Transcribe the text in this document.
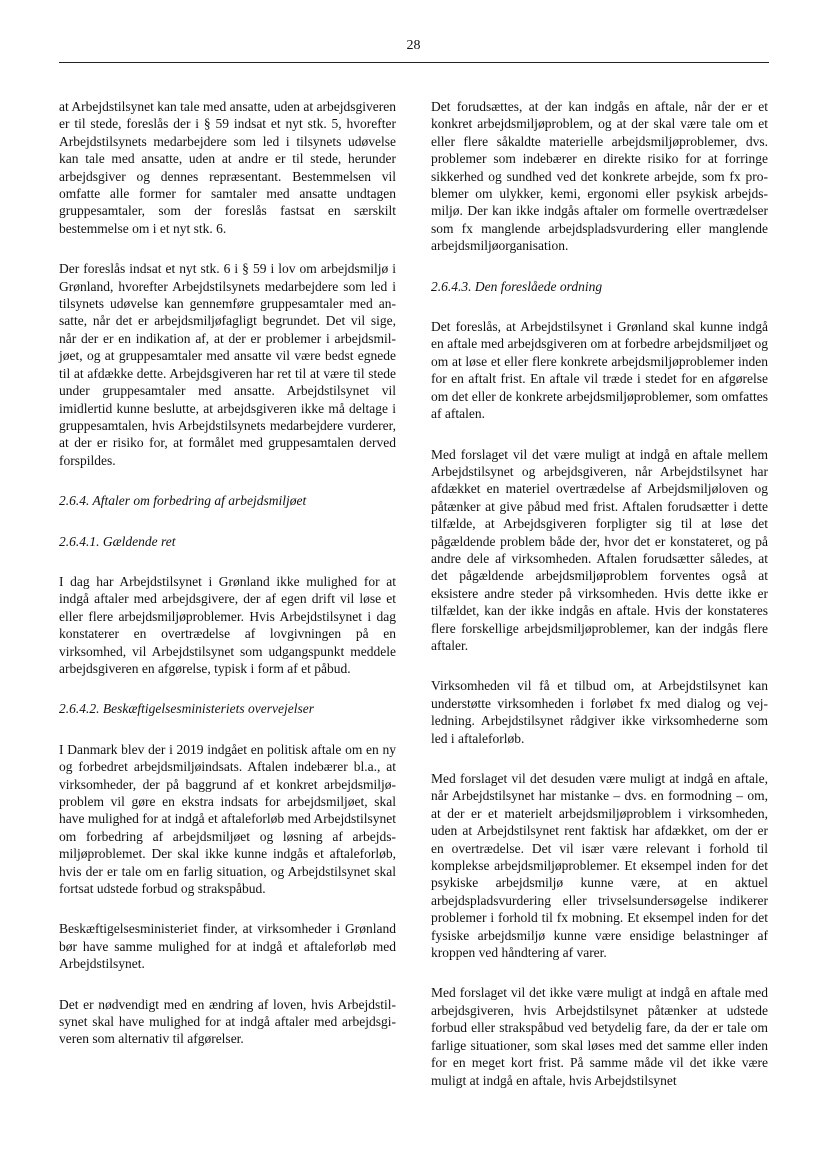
28

at Arbejdstilsynet kan tale med ansatte, uden at arbejdsgiveren er til stede, foreslås der i § 59 indsat et nyt stk. 5, hvorefter Arbejdstilsynets medarbejdere som led i tilsynets udøvelse kan tale med ansatte, uden at andre er til stede, herunder arbejdsgiver og dennes repræsentant. Bestemmelsen vil omfatte alle former for samtaler med ansatte undtagen gruppesamtaler, som der foreslås fastsat en særskilt bestemmelse om i et nyt stk. 6.

Der foreslås indsat et nyt stk. 6 i § 59 i lov om arbejdsmiljø i Grønland, hvorefter Arbejdstilsynets medarbejdere som led i tilsynets udøvelse kan gennemføre gruppesamtaler med ansatte, når det er arbejdsmiljøfagligt begrundet. Det vil sige, når der er en indikation af, at der er problemer i arbejdsmiljøet, og at gruppesamtaler med ansatte vil være bedst egnede til at afdække dette. Arbejdsgiveren har ret til at være til stede under gruppesamtaler med ansatte. Arbejdstilsynet vil imidlertid kunne beslutte, at arbejdsgiveren ikke må deltage i gruppesamtalen, hvis Arbejdstilsynets medarbejdere vurderer, at der er risiko for, at formålet med gruppesamtalen derved forspildes.

2.6.4. Aftaler om forbedring af arbejdsmiljøet

2.6.4.1. Gældende ret

I dag har Arbejdstilsynet i Grønland ikke mulighed for at indgå aftaler med arbejdsgivere, der af egen drift vil løse et eller flere arbejdsmiljøproblemer. Hvis Arbejdstilsynet i dag konstaterer en overtrædelse af lovgivningen på en virksomhed, vil Arbejdstilsynet som udgangspunkt meddele arbejdsgiveren en afgørelse, typisk i form af et påbud.

2.6.4.2. Beskæftigelsesministeriets overvejelser

I Danmark blev der i 2019 indgået en politisk aftale om en ny og forbedret arbejdsmiljøindsats. Aftalen indebærer bl.a., at virksomheder, der på baggrund af et konkret arbejdsmiljøproblem vil gøre en ekstra indsats for arbejdsmiljøet, skal have mulighed for at indgå et aftaleforløb med Arbejdstilsynet om forbedring af arbejdsmiljøet og løsning af arbejdsmiljøproblemet. Der skal ikke kunne indgås et aftaleforløb, hvis der er tale om en farlig situation, og Arbejdstilsynet skal fortsat udstede forbud og strakspåbud.

Beskæftigelsesministeriet finder, at virksomheder i Grønland bør have samme mulighed for at indgå et aftaleforløb med Arbejdstilsynet.

Det er nødvendigt med en ændring af loven, hvis Arbejdstilsynet skal have mulighed for at indgå aftaler med arbejdsgiveren som alternativ til afgørelser.

Det forudsættes, at der kan indgås en aftale, når der er et konkret arbejdsmiljøproblem, og at der skal være tale om et eller flere såkaldte materielle arbejdsmiljøproblemer, dvs. problemer som indebærer en direkte risiko for at forringe sikkerhed og sundhed ved det konkrete arbejde, som fx problemer om ulykker, kemi, ergonomi eller psykisk arbejdsmiljø. Der kan ikke indgås aftaler om formelle overtrædelser som fx manglende arbejdspladsvurdering eller manglende arbejdsmiljøorganisation.

2.6.4.3. Den foreslåede ordning

Det foreslås, at Arbejdstilsynet i Grønland skal kunne indgå en aftale med arbejdsgiveren om at forbedre arbejdsmiljøet og om at løse et eller flere konkrete arbejdsmiljøproblemer inden for en aftalt frist. En aftale vil træde i stedet for en afgørelse om det eller de konkrete arbejdsmiljøproblemer, som omfattes af aftalen.

Med forslaget vil det være muligt at indgå en aftale mellem Arbejdstilsynet og arbejdsgiveren, når Arbejdstilsynet har afdækket en materiel overtrædelse af Arbejdsmiljøloven og påtænker at give påbud med frist. Aftalen forudsætter i dette tilfælde, at Arbejdsgiveren forpligter sig til at løse det pågældende problem både der, hvor det er konstateret, og på andre dele af virksomheden. Aftalen forudsætter således, at det pågældende arbejdsmiljøproblem forventes også at eksistere andre steder på virksomheden. Hvis dette ikke er tilfældet, kan der ikke indgås en aftale. Hvis der konstateres flere forskellige arbejdsmiljøproblemer, kan der indgås flere aftaler.

Virksomheden vil få et tilbud om, at Arbejdstilsynet kan understøtte virksomheden i forløbet fx med dialog og vejledning. Arbejdstilsynet rådgiver ikke virksomhederne som led i aftaleforløb.

Med forslaget vil det desuden være muligt at indgå en aftale, når Arbejdstilsynet har mistanke – dvs. en formodning – om, at der er et materielt arbejdsmiljøproblem i virksomheden, uden at Arbejdstilsynet rent faktisk har afdækket, om der er en overtrædelse. Det vil især være relevant i forhold til komplekse arbejdsmiljøproblemer. Et eksempel inden for det psykiske arbejdsmiljø kunne være, at en aktuel arbejdspladsvurdering eller trivselsundersøgelse indikerer problemer i forhold til fx mobning. Et eksempel inden for det fysiske arbejdsmiljø kunne være ensidige belastninger af kroppen ved håndtering af varer.

Med forslaget vil det ikke være muligt at indgå en aftale med arbejdsgiveren, hvis Arbejdstilsynet påtænker at udstede forbud eller strakspåbud ved betydelig fare, da der er tale om farlige situationer, som skal løses med det samme eller inden for en meget kort frist. På samme måde vil det ikke være muligt at indgå en aftale, hvis Arbejdstilsynet
